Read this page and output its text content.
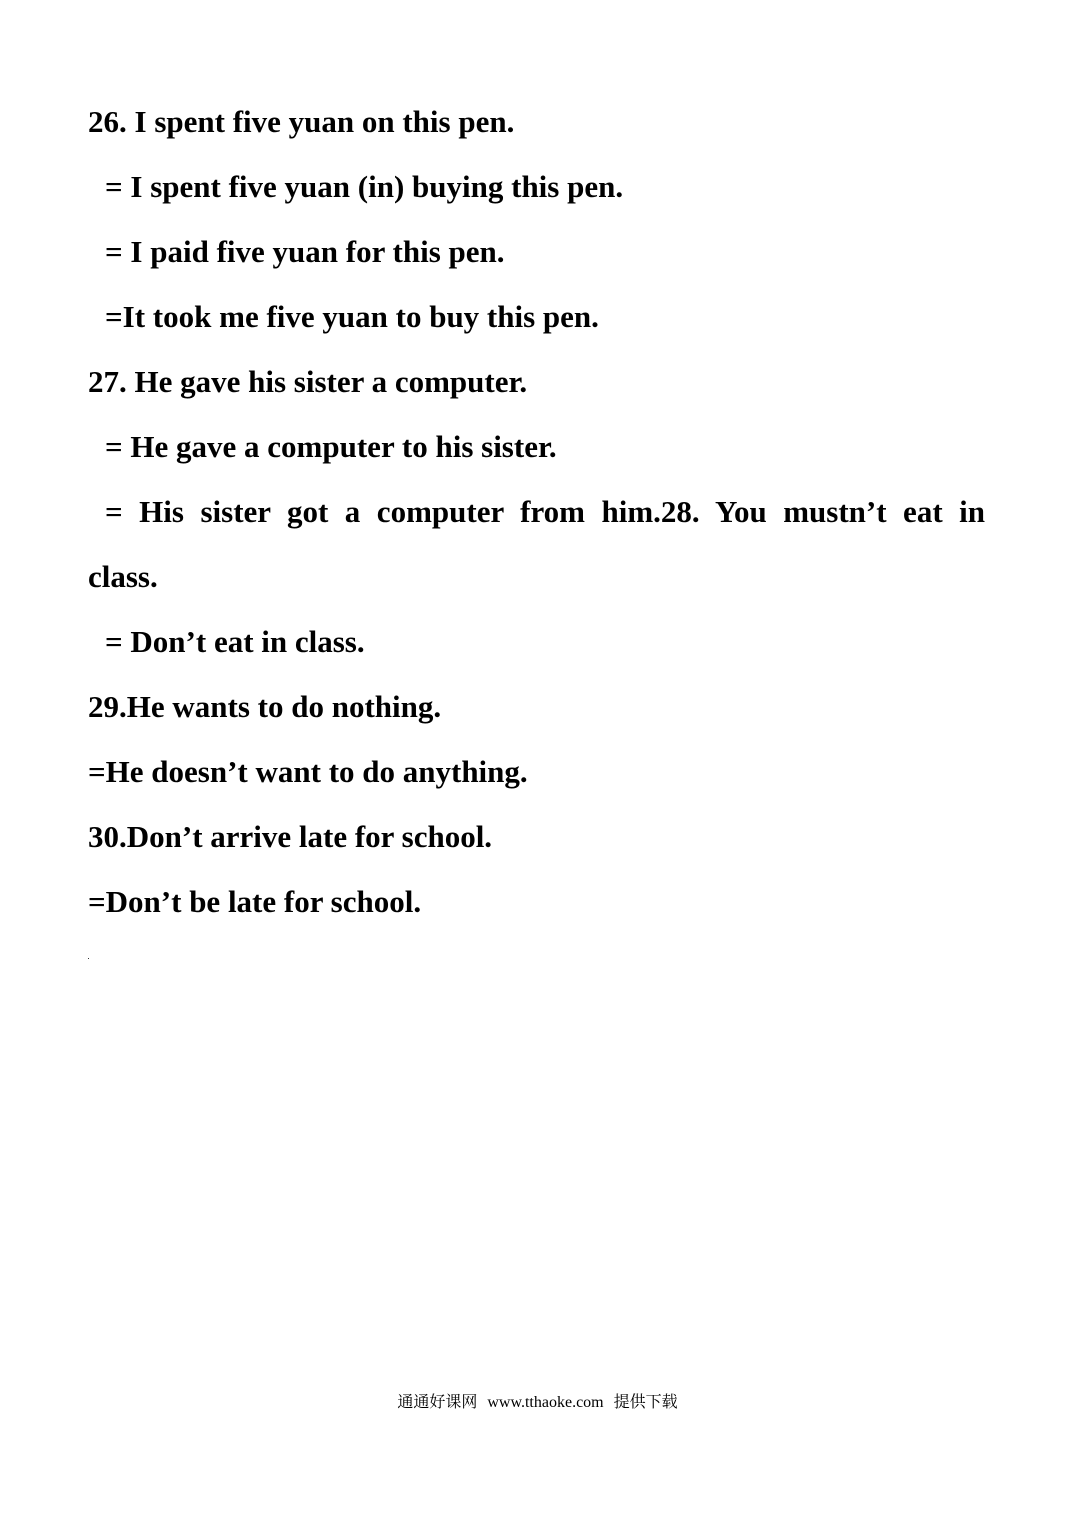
26. I spent five yuan on this pen.
= I spent five yuan (in) buying this pen.
= I paid five yuan for this pen.
=It took me five yuan to buy this pen.
27. He gave his sister a computer.
= He gave a computer to his sister.
= His sister got a computer from him.28. You mustn’t eat in
class.
= Don’t eat in class.
29.He wants to do nothing.
=He doesn’t want to do anything.
30.Don’t arrive late for school.
=Don’t be late for school.
通通好课网 www.tthaoke.com 提供下载
